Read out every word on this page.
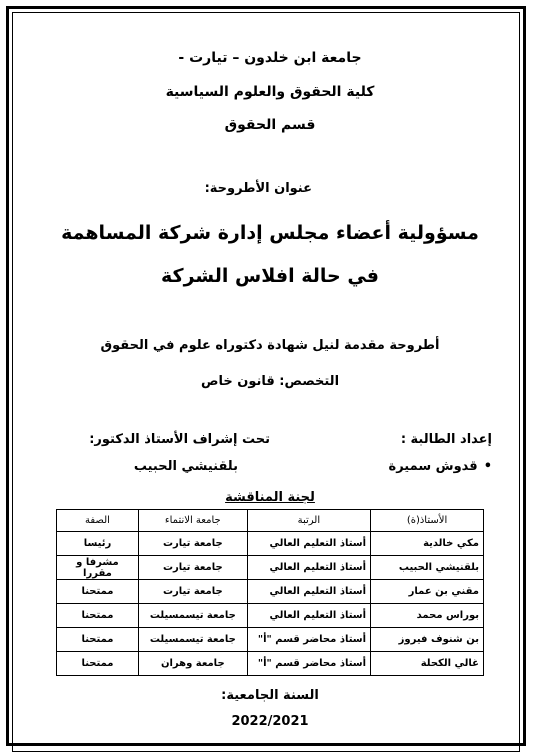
جامعة ابن خلدون – تيارت -
كلية الحقوق والعلوم السياسية
قسم الحقوق
عنوان الأطروحة:
مسؤولية أعضاء مجلس إدارة شركة المساهمة
في حالة افلاس الشركة
أطروحة مقدمة لنيل شهادة دكتوراه علوم في الحقوق
التخصص: قانون خاص
إعداد الطالبة :
•قدوش سميرة
تحت إشراف الأستاذ الدكتور:
بلقنيشي الحبيب
لجنة المناقشة
الأستاذ(ة)	الرتبة	جامعة الانتماء	الصفة
مكي خالدية	أستاذ التعليم العالي	جامعة تيارت	رئيسا
بلقنيشي الحبيب	أستاذ التعليم العالي	جامعة تيارت	مشرفا و مقررا
مقني بن عمار	أستاذ التعليم العالي	جامعة تيارت	ممتحنا
بوراس محمد	أستاذ التعليم العالي	جامعة تيسمسيلت	ممتحنا
بن شنوف فيروز	أستاذ محاضر قسم "أ"	جامعة تيسمسيلت	ممتحنا
غالي الكحلة	أستاذ محاضر قسم "أ"	جامعة وهران	ممتحنا
السنة الجامعية:
2022/2021
